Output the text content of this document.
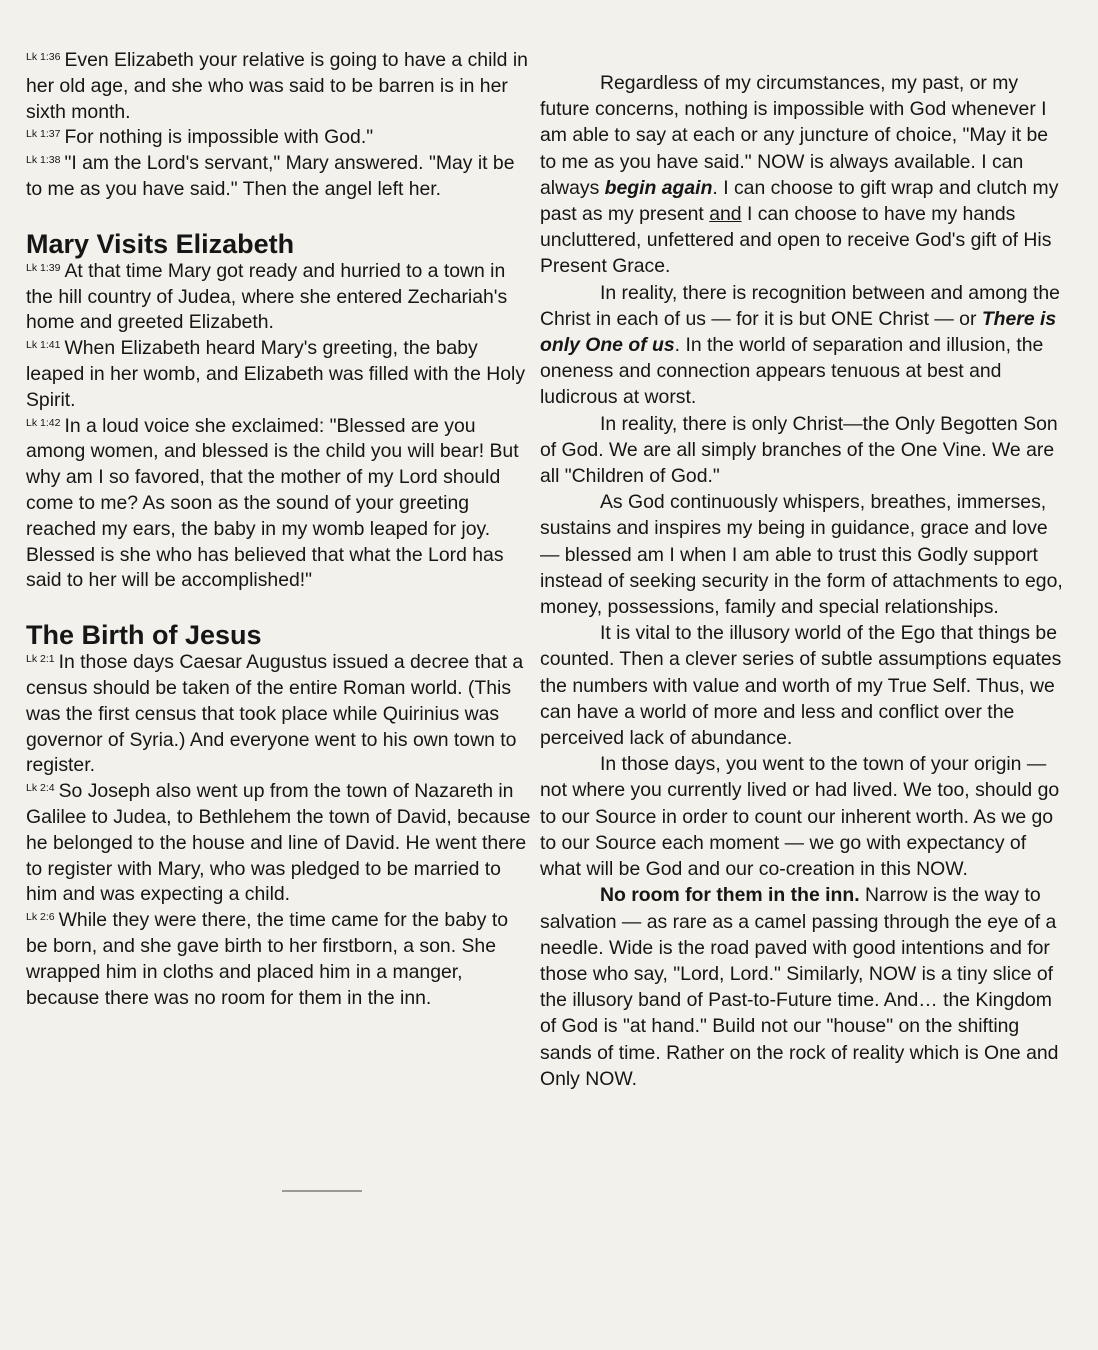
$^{Lk 1:36}$ Even Elizabeth your relative is going to have a child in her old age, and she who was said to be barren is in her sixth month.

$^{Lk 1:37}$ For nothing is impossible with God."

$^{Lk 1:38}$ "I am the Lord's servant," Mary answered. "May it be to me as you have said." Then the angel left her.

Mary Visits Elizabeth

$^{Lk 1:39}$ At that time Mary got ready and hurried to a town in the hill country of Judea, where she entered Zechariah's home and greeted Elizabeth.

$^{Lk 1:41}$ When Elizabeth heard Mary's greeting, the baby leaped in her womb, and Elizabeth was filled with the Holy Spirit.

$^{Lk 1:42}$ In a loud voice she exclaimed: "Blessed are you among women, and blessed is the child you will bear! But why am I so favored, that the mother of my Lord should come to me? As soon as the sound of your greeting reached my ears, the baby in my womb leaped for joy. Blessed is she who has believed that what the Lord has said to her will be accomplished!"

The Birth of Jesus

$^{Lk 2:1}$ In those days Caesar Augustus issued a decree that a census should be taken of the entire Roman world. (This was the first census that took place while Quirinius was governor of Syria.) And everyone went to his own town to register.

$^{Lk 2:4}$ So Joseph also went up from the town of Nazareth in Galilee to Judea, to Bethlehem the town of David, because he belonged to the house and line of David. He went there to register with Mary, who was pledged to be married to him and was expecting a child.

$^{Lk 2:6}$ While they were there, the time came for the baby to be born, and she gave birth to her firstborn, a son. She wrapped him in cloths and placed him in a manger, because there was no room for them in the inn.

Regardless of my circumstances, my past, or my future concerns, nothing is impossible with God whenever I am able to say at each or any juncture of choice, "May it be to me as you have said." NOW is always available. I can always begin again. I can choose to gift wrap and clutch my past as my present and I can choose to have my hands uncluttered, unfettered and open to receive God's gift of His Present Grace.

In reality, there is recognition between and among the Christ in each of us — for it is but ONE Christ — or There is only One of us. In the world of separation and illusion, the oneness and connection appears tenuous at best and ludicrous at worst.

In reality, there is only Christ—the Only Begotten Son of God. We are all simply branches of the One Vine. We are all "Children of God."

As God continuously whispers, breathes, immerses, sustains and inspires my being in guidance, grace and love — blessed am I when I am able to trust this Godly support instead of seeking security in the form of attachments to ego, money, possessions, family and special relationships.

It is vital to the illusory world of the Ego that things be counted. Then a clever series of subtle assumptions equates the numbers with value and worth of my True Self. Thus, we can have a world of more and less and conflict over the perceived lack of abundance.

In those days, you went to the town of your origin — not where you currently lived or had lived. We too, should go to our Source in order to count our inherent worth. As we go to our Source each moment — we go with expectancy of what will be God and our co-creation in this NOW.

No room for them in the inn. Narrow is the way to salvation — as rare as a camel passing through the eye of a needle. Wide is the road paved with good intentions and for those who say, "Lord, Lord." Similarly, NOW is a tiny slice of the illusory band of Past-to-Future time. And… the Kingdom of God is "at hand." Build not our "house" on the shifting sands of time. Rather on the rock of reality which is One and Only NOW.
